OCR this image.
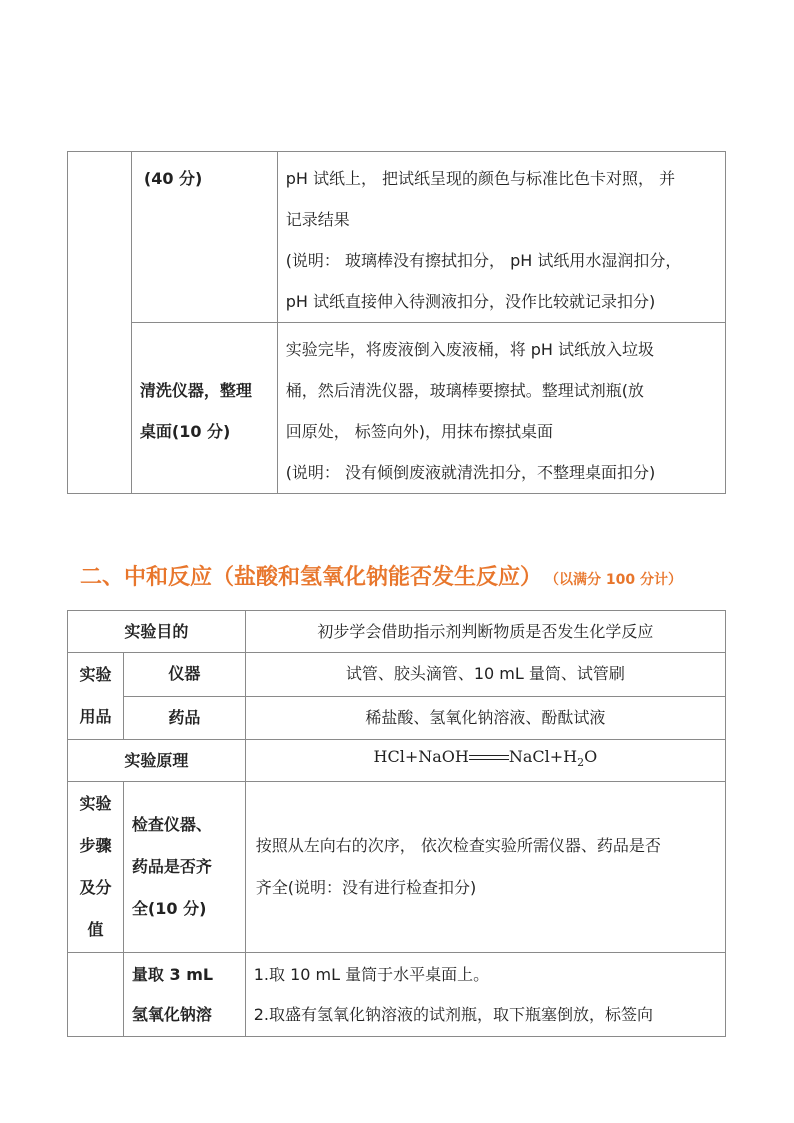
	(40 分)	pH 试纸上， 把试纸呈现的颜色与标准比色卡对照， 并
记录结果
(说明： 玻璃棒没有擦拭扣分， pH 试纸用水湿润扣分，
pH 试纸直接伸入待测液扣分，没作比较就记录扣分)

	清洗仪器，整理
桌面(10 分)	实验完毕，将废液倒入废液桶，将 pH 试纸放入垃圾
桶，然后清洗仪器，玻璃棒要擦拭。整理试剂瓶(放
回原处， 标签向外)，用抹布擦拭桌面
(说明： 没有倾倒废液就清洗扣分，不整理桌面扣分)
二、中和反应（盐酸和氢氧化钠能否发生反应） （以满分 100 分计）
实验目的		初步学会借助指示剂判断物质是否发生化学反应

实验
用品	仪器	试管、胶头滴管、10 mL 量筒、试管刷
	药品	稀盐酸、氢氧化钠溶液、酚酞试液
实验原理		HCl+NaOH $NaCl+H_2O$

实验
步骤
及分
值	检查仪器、
药品是否齐
全(10 分)	按照从左向右的次序， 依次检查实验所需仪器、药品是否
齐全(说明：没有进行检查扣分)

	量取 3 mL
氢氧化钠溶	1.取 10 mL 量筒于水平桌面上。
2.取盛有氢氧化钠溶液的试剂瓶，取下瓶塞倒放，标签向
